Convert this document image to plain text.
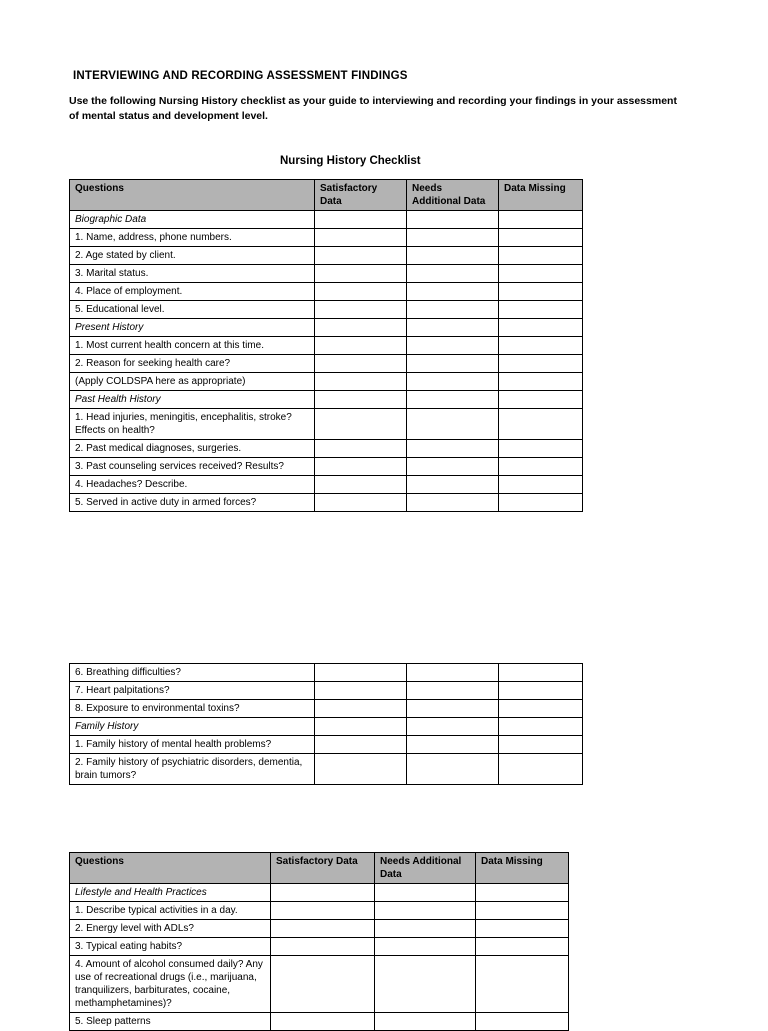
INTERVIEWING AND RECORDING ASSESSMENT FINDINGS
Use the following Nursing History checklist as your guide to interviewing and recording your findings in your assessment of mental status and development level.
Nursing History Checklist
Questions	Satisfactory Data	Needs Additional Data	Data Missing
Biographic Data			
1. Name, address, phone numbers.			
2. Age stated by client.			
3. Marital status.			
4. Place of employment.			
5. Educational level.			
Present History			
1. Most current health concern at this time.			
2. Reason for seeking health care?			
(Apply COLDSPA here as appropriate)			
Past Health History			
1. Head injuries, meningitis, encephalitis, stroke? Effects on health?			
2. Past medical diagnoses, surgeries.			
3. Past counseling services received? Results?			
4. Headaches? Describe.			
5. Served in active duty in armed forces?			
6. Breathing difficulties?			
7. Heart palpitations?			
8. Exposure to environmental toxins?			
Family History			
1. Family history of mental health problems?			
2. Family history of psychiatric disorders, dementia, brain tumors?			
Questions	Satisfactory Data	Needs Additional Data	Data Missing
Lifestyle and Health Practices			
1. Describe typical activities in a day.			
2. Energy level with ADLs?			
3. Typical eating habits?			
4. Amount of alcohol consumed daily? Any use of recreational drugs (i.e., marijuana, tranquilizers, barbiturates, cocaine, methamphetamines)?			
5. Sleep patterns			
